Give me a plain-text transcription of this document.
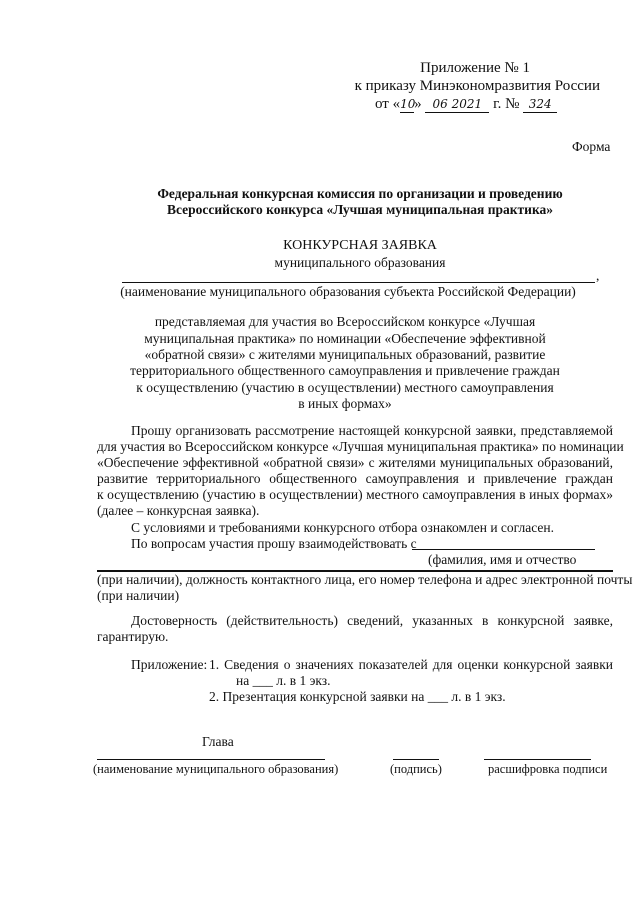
Приложение № 1
к приказу Минэкономразвития России
от «10» 06 2021 г. № 324
Форма
Федеральная конкурсная комиссия по организации и проведению
Всероссийского конкурса «Лучшая муниципальная практика»
КОНКУРСНАЯ ЗАЯВКА
муниципального образования
,
(наименование муниципального образования субъекта Российской Федерации)
представляемая для участия во Всероссийском конкурсе «Лучшая
муниципальная практика» по номинации «Обеспечение эффективной
«обратной связи» с жителями муниципальных образований, развитие
территориального общественного самоуправления и привлечение граждан
к осуществлению (участию в осуществлении) местного самоуправления
в иных формах»
Прошу организовать рассмотрение настоящей конкурсной заявки, представляемой
для участия во Всероссийском конкурсе «Лучшая муниципальная практика» по номинации
«Обеспечение эффективной «обратной связи» с жителями муниципальных образований,
развитие территориального общественного самоуправления и привлечение граждан
к осуществлению (участию в осуществлении) местного самоуправления в иных формах»
(далее – конкурсная заявка).
С условиями и требованиями конкурсного отбора ознакомлен и согласен.
По вопросам участия прошу взаимодействовать с
(фамилия, имя и отчество
(при наличии), должность контактного лица, его номер телефона и адрес электронной почты
(при наличии)
Достоверность (действительность) сведений, указанных в конкурсной заявке,
гарантирую.
Приложение: 1. Сведения о значениях показателей для оценки конкурсной заявки
на ___ л. в 1 экз.
2. Презентация конкурсной заявки на ___ л. в 1 экз.
Глава
(наименование муниципального образования)	(подпись)	расшифровка подписи
